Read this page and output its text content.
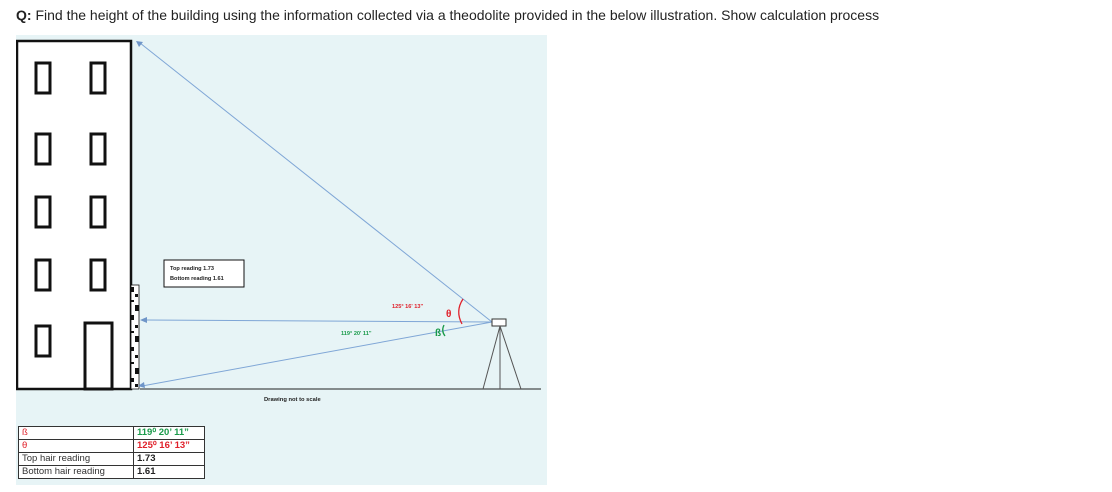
Q: Find the height of the building using the information collected via a theodolite provided in the below illustration. Show calculation process
Top reading 1.73
Bottom reading 1.61
125° 16' 13"
119° 20' 11"
θ
ß
Drawing not to scale
ß	119⁰ 20’ 11”
θ	125⁰ 16’ 13”
Top hair reading	1.73
Bottom hair reading	1.61
